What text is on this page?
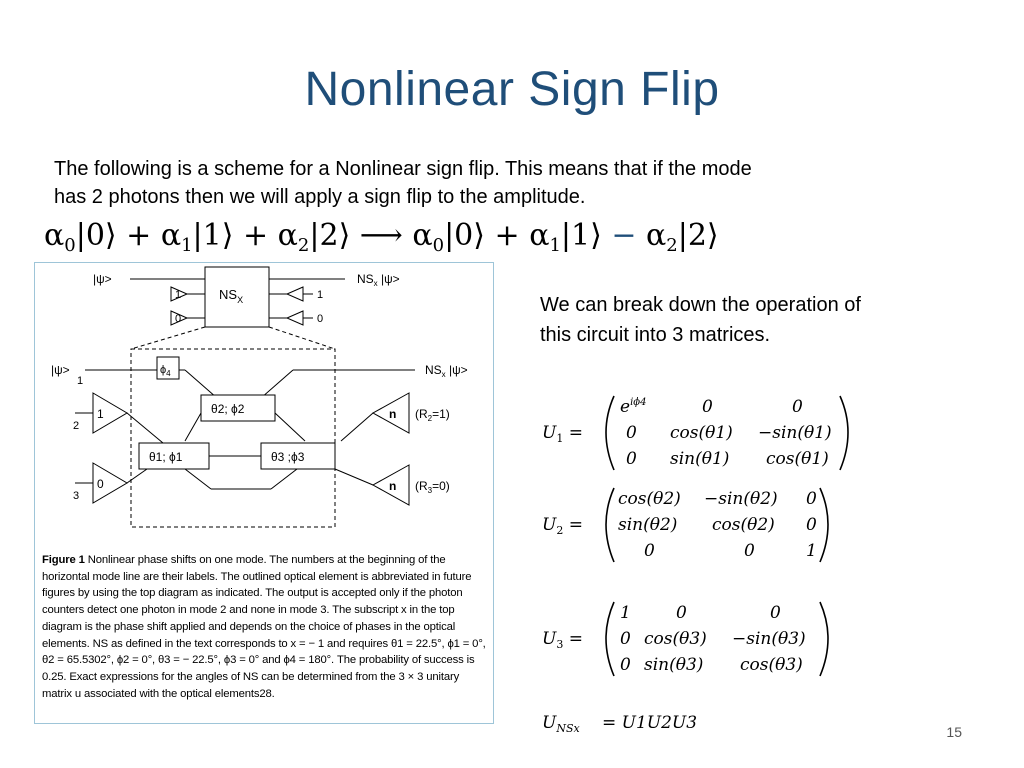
Nonlinear Sign Flip
The following is a scheme for a Nonlinear sign flip. This means that if the mode
has 2 photons then we will apply a sign flip to the amplitude.
$\alpha_0|0⟩$ + $\alpha_1|1⟩$ + $\alpha_2|2⟩$ ⟶ $\alpha_0|0⟩$ + $\alpha_1|1⟩$ − $\alpha_2|2⟩$
|ψ>	$NS_x$ |ψ>
$NS_X$
1
0
1
0
$\phi_4$
|ψ>
1
$NS_x$ |ψ>
θ2; ϕ2
1
2
n $(R_2=1)$
θ1; ϕ1	θ3 ;ϕ3
0
3
n $(R_3=0)$
Figure 1 Nonlinear phase shifts on one mode. The numbers at the beginning of the horizontal mode line are their labels. The outlined optical element is abbreviated in future figures by using the top diagram as indicated. The output is accepted only if the photon counters detect one photon in mode 2 and none in mode 3. The subscript x in the top diagram is the phase shift applied and depends on the choice of phases in the optical elements. NS as defined in the text corresponds to x = − 1 and requires θ1 = 22.5°, ϕ1 = 0°, θ2 = 65.5302°, ϕ2 = 0°, θ3 = − 22.5°, ϕ3 = 0° and ϕ4 = 180°. The probability of success is 0.25. Exact expressions for the angles of NS can be determined from the 3 × 3 unitary matrix u associated with the optical elements28.
We can break down the operation of
this circuit into 3 matrices.
$U_1$ =
$e^{i\phi 4}$	0	0
0 cos(θ1) −sin(θ1)
0 sin(θ1) cos(θ1)
$U_2$ =
cos(θ2) −sin(θ2) 0
sin(θ2) cos(θ2) 0
0	0	1
$U_3$ =
1	0	0
0 cos(θ3) −sin(θ3)
0 sin(θ3) cos(θ3)
$U_{NSx} = U1U2U3$	15
